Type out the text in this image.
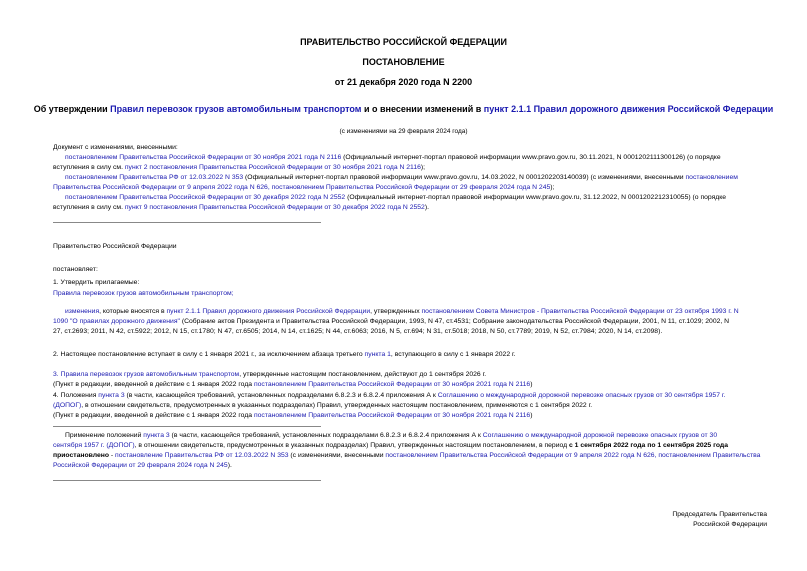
ПРАВИТЕЛЬСТВО РОССИЙСКОЙ ФЕДЕРАЦИИ
ПОСТАНОВЛЕНИЕ
от 21 декабря 2020 года N 2200
Об утверждении Правил перевозок грузов автомобильным транспортом и о внесении изменений в пункт 2.1.1 Правил дорожного движения Российской Федерации
(с изменениями на 29 февраля 2024 года)
Документ с изменениями, внесенными:
постановлением Правительства Российской Федерации от 30 ноября 2021 года N 2116 (Официальный интернет-портал правовой информации www.pravo.gov.ru, 30.11.2021, N 0001202111300126) (о порядке
вступления в силу см. пункт 2 постановления Правительства Российской Федерации от 30 ноября 2021 года N 2116);
постановлением Правительства РФ от 12.03.2022 N 353 (Официальный интернет-портал правовой информации www.pravo.gov.ru, 14.03.2022, N 0001202203140039) (с изменениями, внесенными постановлением
Правительства Российской Федерации от 9 апреля 2022 года N 626, постановлением Правительства Российской Федерации от 29 февраля 2024 года N 245);
постановлением Правительства Российской Федерации от 30 декабря 2022 года N 2552 (Официальный интернет-портал правовой информации www.pravo.gov.ru, 31.12.2022, N 0001202212310055) (о порядке
вступления в силу см. пункт 9 постановления Правительства Российской Федерации от 30 декабря 2022 года N 2552).
Правительство Российской Федерации
постановляет:
1. Утвердить прилагаемые:
Правила перевозок грузов автомобильным транспортом;
изменения, которые вносятся в пункт 2.1.1 Правил дорожного движения Российской Федерации, утвержденных постановлением Совета Министров - Правительства Российской Федерации от 23 октября 1993 г. N
1090 "О правилах дорожного движения" (Собрание актов Президента и Правительства Российской Федерации, 1993, N 47, ст.4531; Собрание законодательства Российской Федерации, 2001, N 11, ст.1029; 2002, N
27, ст.2693; 2011, N 42, ст.5922; 2012, N 15, ст.1780; N 47, ст.6505; 2014, N 14, ст.1625; N 44, ст.6063; 2016, N 5, ст.694; N 31, ст.5018; 2018, N 50, ст.7789; 2019, N 52, ст.7984; 2020, N 14, ст.2098).
2. Настоящее постановление вступает в силу с 1 января 2021 г., за исключением абзаца третьего пункта 1, вступающего в силу с 1 января 2022 г.
3. Правила перевозок грузов автомобильным транспортом, утвержденные настоящим постановлением, действуют до 1 сентября 2026 г.
(Пункт в редакции, введенной в действие с 1 января 2022 года постановлением Правительства Российской Федерации от 30 ноября 2021 года N 2116)
4. Положения пункта 3 (в части, касающейся требований, установленных подразделами 6.8.2.3 и 6.8.2.4 приложения А к Соглашению о международной дорожной перевозке опасных грузов от 30 сентября 1957 г.
(ДОПОГ), в отношении свидетельств, предусмотренных в указанных подразделах) Правил, утвержденных настоящим постановлением, применяются с 1 сентября 2022 г.
(Пункт в редакции, введенной в действие с 1 января 2022 года постановлением Правительства Российской Федерации от 30 ноября 2021 года N 2116)
Применение положений пункта 3 (в части, касающейся требований, установленных подразделами 6.8.2.3 и 6.8.2.4 приложения А к Соглашению о международной дорожной перевозке опасных грузов от 30
сентября 1957 г. (ДОПОГ), в отношении свидетельств, предусмотренных в указанных подразделах) Правил, утвержденных настоящим постановлением, в период с 1 сентября 2022 года по 1 сентября 2025 года
приостановлено - постановление Правительства РФ от 12.03.2022 N 353 (с изменениями, внесенными постановлением Правительства Российской Федерации от 9 апреля 2022 года N 626, постановлением Правительства
Российской Федерации от 29 февраля 2024 года N 245).
Председатель Правительства
Российской Федерации
